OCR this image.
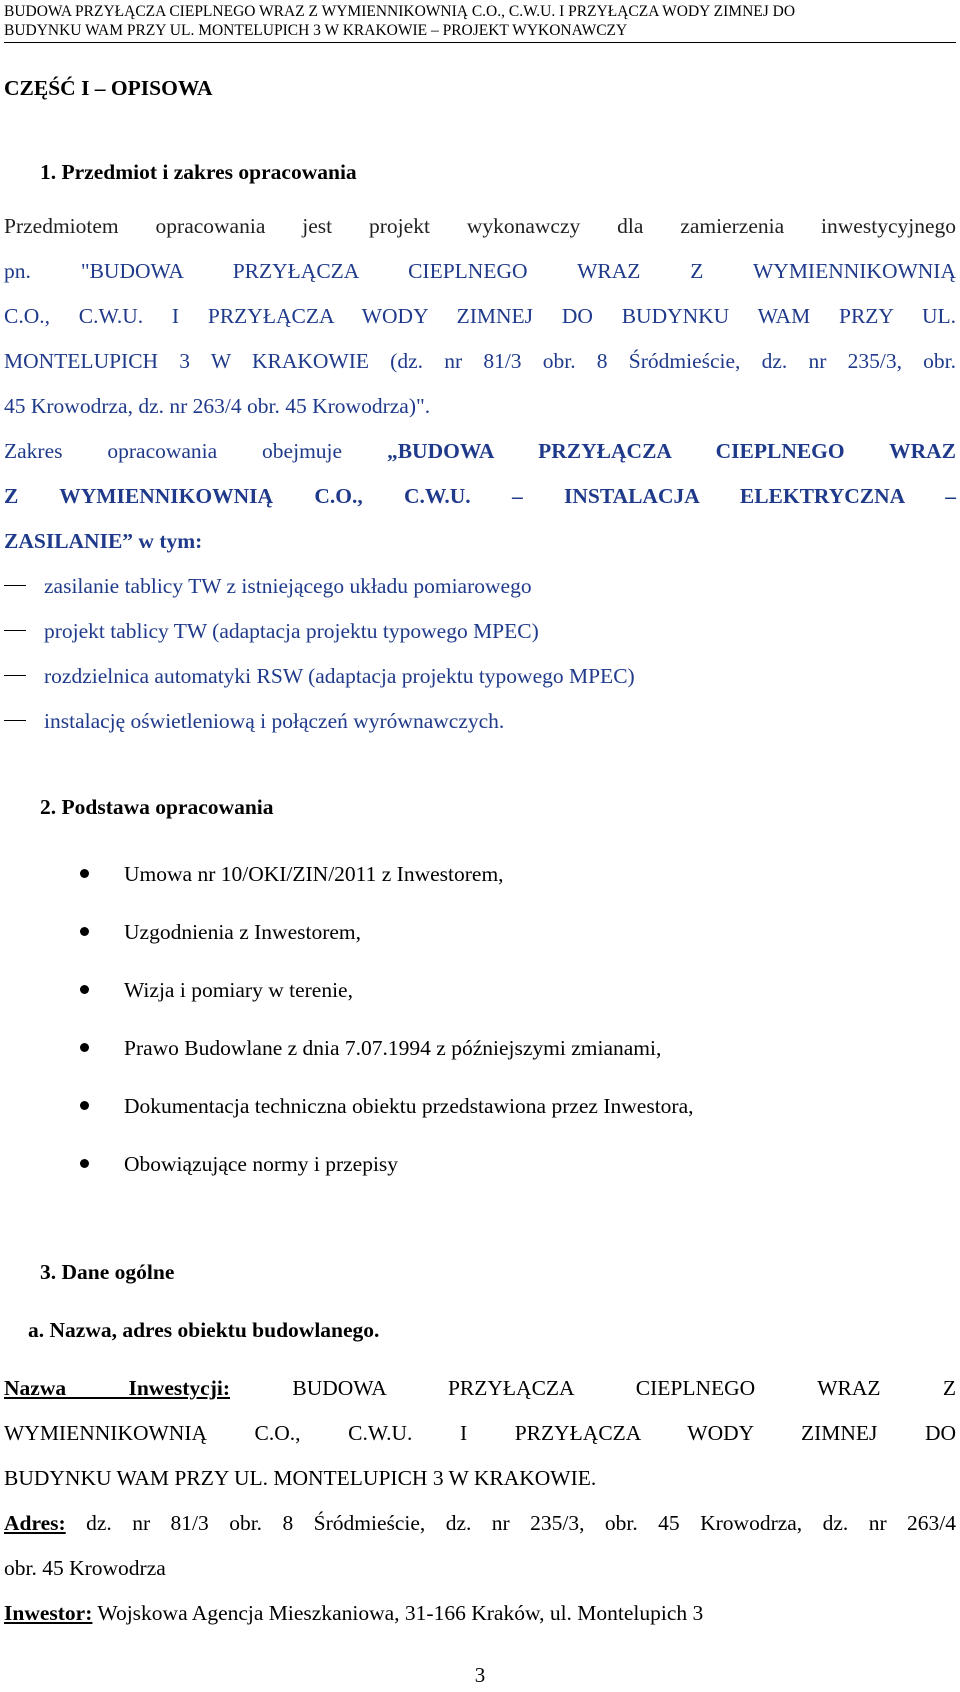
BUDOWA PRZYŁĄCZA CIEPLNEGO WRAZ Z WYMIENNIKOWNIĄ C.O., C.W.U. I PRZYŁĄCZA WODY ZIMNEJ DO
BUDYNKU WAM PRZY UL. MONTELUPICH 3 W KRAKOWIE – PROJEKT WYKONAWCZY
CZĘŚĆ I – OPISOWA
1. Przedmiot i zakres opracowania
Przedmiotem opracowania jest projekt wykonawczy dla zamierzenia inwestycyjnego
pn. "BUDOWA PRZYŁĄCZA CIEPLNEGO WRAZ Z WYMIENNIKOWNIĄ
C.O., C.W.U. I PRZYŁĄCZA WODY ZIMNEJ DO BUDYNKU WAM PRZY UL.
MONTELUPICH 3 W KRAKOWIE (dz. nr 81/3 obr. 8 Śródmieście, dz. nr 235/3, obr.
45 Krowodrza, dz. nr 263/4 obr. 45 Krowodrza)".
Zakres opracowania obejmuje „BUDOWA PRZYŁĄCZA CIEPLNEGO WRAZ
Z WYMIENNIKOWNIĄ C.O., C.W.U. – INSTALACJA ELEKTRYCZNA –
ZASILANIE” w tym:
zasilanie tablicy TW z istniejącego układu pomiarowego
projekt tablicy TW (adaptacja projektu typowego MPEC)
rozdzielnica automatyki RSW (adaptacja projektu typowego MPEC)
instalację oświetleniową i połączeń wyrównawczych.
2. Podstawa opracowania
Umowa nr 10/OKI/ZIN/2011 z Inwestorem,
Uzgodnienia z Inwestorem,
Wizja i pomiary w terenie,
Prawo Budowlane z dnia 7.07.1994 z późniejszymi zmianami,
Dokumentacja techniczna obiektu przedstawiona przez Inwestora,
Obowiązujące normy i przepisy
3. Dane ogólne
a. Nazwa, adres obiektu budowlanego.
Nazwa Inwestycji:	BUDOWA PRZYŁĄCZA CIEPLNEGO WRAZ Z
WYMIENNIKOWNIĄ C.O., C.W.U. I PRZYŁĄCZA WODY ZIMNEJ DO
BUDYNKU WAM PRZY UL. MONTELUPICH 3 W KRAKOWIE.
Adres: dz. nr 81/3 obr. 8 Śródmieście, dz. nr 235/3, obr. 45 Krowodrza, dz. nr 263/4
obr. 45 Krowodrza
Inwestor: Wojskowa Agencja Mieszkaniowa, 31-166 Kraków, ul. Montelupich 3
3
